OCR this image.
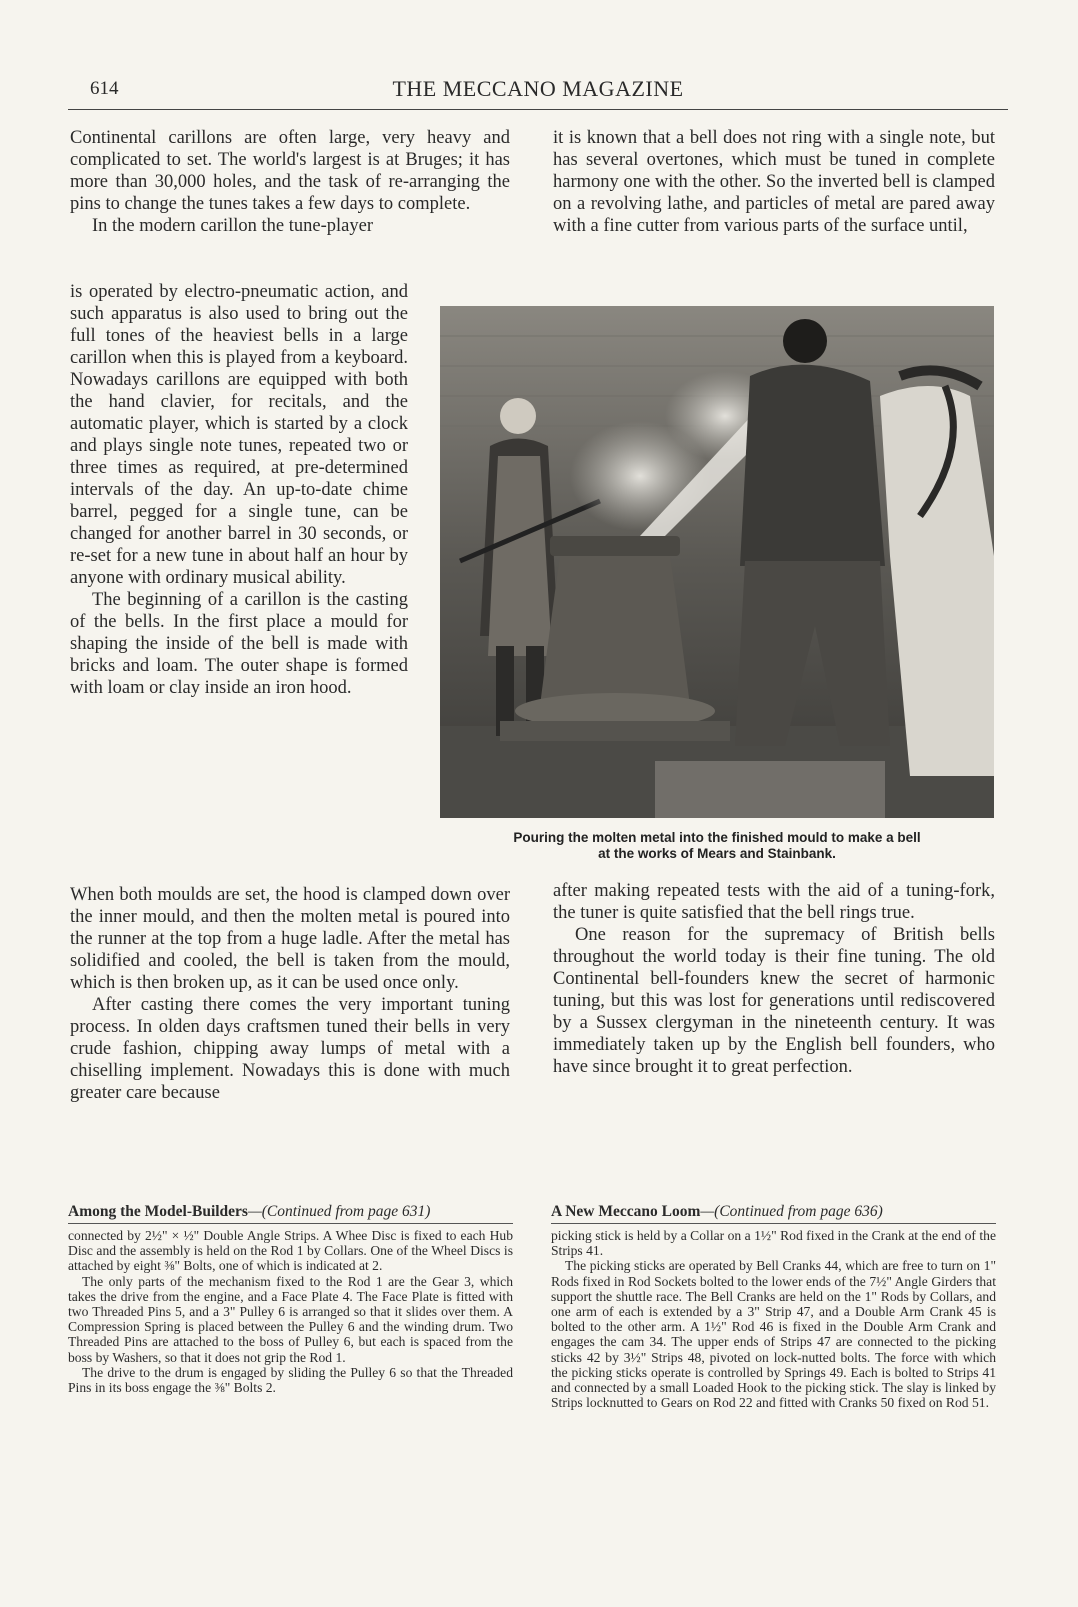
614	THE MECCANO MAGAZINE

Continental carillons are often large, very heavy and complicated to set. The world's largest is at Bruges; it has more than 30,000 holes, and the task of re-arranging the pins to change the tunes takes a few days to complete.

In the modern carillon the tune-player

is operated by electro-pneumatic action, and such apparatus is also used to bring out the full tones of the heaviest bells in a large carillon when this is played from a keyboard. Nowadays carillons are equipped with both the hand clavier, for recitals, and the automatic player, which is started by a clock and plays single note tunes, repeated two or three times as required, at pre-determined intervals of the day. An up-to-date chime barrel, pegged for a single tune, can be changed for another barrel in 30 seconds, or re-set for a new tune in about half an hour by anyone with ordinary musical ability.

The beginning of a carillon is the casting of the bells. In the first place a mould for shaping the inside of the bell is made with bricks and loam. The outer shape is formed with loam or clay inside an iron hood.

When both moulds are set, the hood is clamped down over the inner mould, and then the molten metal is poured into the runner at the top from a huge ladle. After the metal has solidified and cooled, the bell is taken from the mould, which is then broken up, as it can be used once only.

After casting there comes the very important tuning process. In olden days craftsmen tuned their bells in very crude fashion, chipping away lumps of metal with a chiselling implement. Nowadays this is done with much greater care because

it is known that a bell does not ring with a single note, but has several overtones, which must be tuned in complete harmony one with the other. So the inverted bell is clamped on a revolving lathe, and particles of metal are pared away with a fine cutter from various parts of the surface until,

Pouring the molten metal into the finished mould to make a bell
at the works of Mears and Stainbank.

after making repeated tests with the aid of a tuning-fork, the tuner is quite satisfied that the bell rings true.

One reason for the supremacy of British bells throughout the world today is their fine tuning. The old Continental bell-founders knew the secret of harmonic tuning, but this was lost for generations until rediscovered by a Sussex clergyman in the nineteenth century. It was immediately taken up by the English bell founders, who have since brought it to great perfection.

Among the Model-Builders—(Continued from page 631)

connected by 2½" × ½" Double Angle Strips. A Whee Disc is fixed to each Hub Disc and the assembly is held on the Rod 1 by Collars. One of the Wheel Discs is attached by eight ⅜" Bolts, one of which is indicated at 2.

The only parts of the mechanism fixed to the Rod 1 are the Gear 3, which takes the drive from the engine, and a Face Plate 4. The Face Plate is fitted with two Threaded Pins 5, and a 3" Pulley 6 is arranged so that it slides over them. A Compression Spring is placed between the Pulley 6 and the winding drum. Two Threaded Pins are attached to the boss of Pulley 6, but each is spaced from the boss by Washers, so that it does not grip the Rod 1.

The drive to the drum is engaged by sliding the Pulley 6 so that the Threaded Pins in its boss engage the ⅜" Bolts 2.

A New Meccano Loom—(Continued from page 636)

picking stick is held by a Collar on a 1½" Rod fixed in the Crank at the end of the Strips 41.

The picking sticks are operated by Bell Cranks 44, which are free to turn on 1" Rods fixed in Rod Sockets bolted to the lower ends of the 7½" Angle Girders that support the shuttle race. The Bell Cranks are held on the 1" Rods by Collars, and one arm of each is extended by a 3" Strip 47, and a Double Arm Crank 45 is bolted to the other arm. A 1½" Rod 46 is fixed in the Double Arm Crank and engages the cam 34. The upper ends of Strips 47 are connected to the picking sticks 42 by 3½" Strips 48, pivoted on lock-nutted bolts. The force with which the picking sticks operate is controlled by Springs 49. Each is bolted to Strips 41 and connected by a small Loaded Hook to the picking stick. The slay is linked by Strips locknutted to Gears on Rod 22 and fitted with Cranks 50 fixed on Rod 51.
